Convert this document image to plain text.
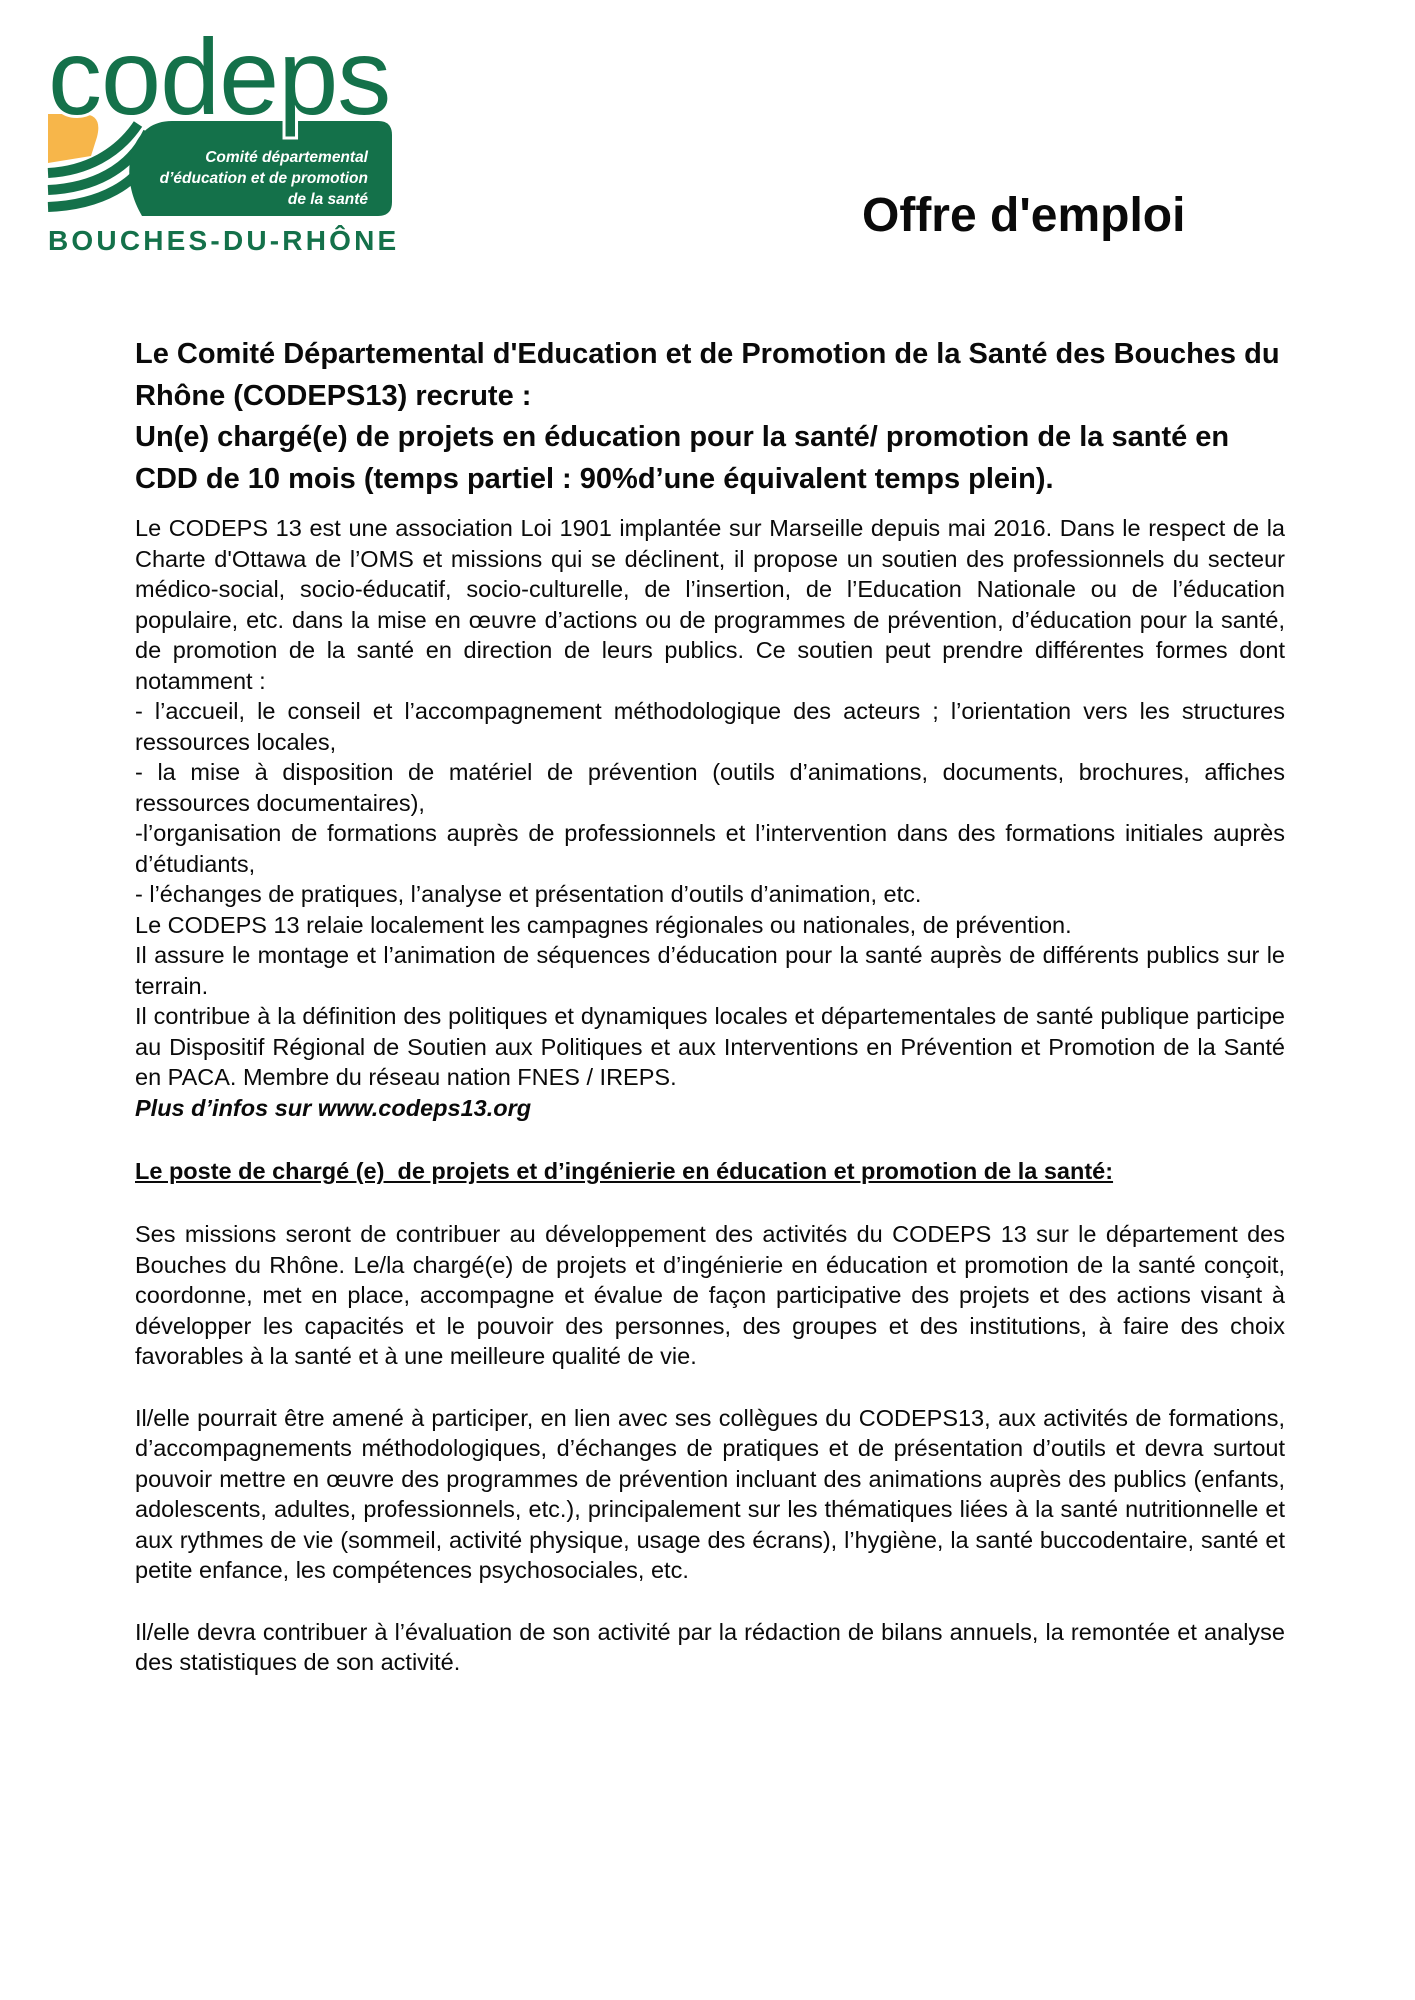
Comité départemental
d’éducation et de promotion
de la santé
codeps
BOUCHES-DU-RHÔNE	Offre d'emploi

Le Comité Départemental d'Education et de Promotion de la Santé des Bouches du Rhône (CODEPS13) recrute :

Un(e) chargé(e) de projets en éducation pour la santé/ promotion de la santé en CDD de 10 mois (temps partiel : 90%d’une équivalent temps plein).

Le CODEPS 13 est une association Loi 1901 implantée sur Marseille depuis mai 2016. Dans le respect de la Charte d'Ottawa de l’OMS et missions qui se déclinent, il propose un soutien des professionnels du secteur médico-social, socio-éducatif, socio-culturelle, de l’insertion, de l’Education Nationale ou de l’éducation populaire, etc. dans la mise en œuvre d’actions ou de programmes de prévention, d’éducation pour la santé, de promotion de la santé en direction de leurs publics. Ce soutien peut prendre différentes formes dont notamment :

- l’accueil, le conseil et l’accompagnement méthodologique des acteurs ; l’orientation vers les structures ressources locales,

- la mise à disposition de matériel de prévention (outils d’animations, documents, brochures, affiches ressources documentaires),

-l’organisation de formations auprès de professionnels et l’intervention dans des formations initiales auprès d’étudiants,

- l’échanges de pratiques, l’analyse et présentation d’outils d’animation, etc.

Le CODEPS 13 relaie localement les campagnes régionales ou nationales, de prévention.

Il assure le montage et l’animation de séquences d’éducation pour la santé auprès de différents publics sur le terrain.

Il contribue à la définition des politiques et dynamiques locales et départementales de santé publique participe au Dispositif Régional de Soutien aux Politiques et aux Interventions en Prévention et Promotion de la Santé en PACA. Membre du réseau nation FNES / IREPS.

Plus d’infos sur www.codeps13.org

Le poste de chargé (e)  de projets et d’ingénierie en éducation et promotion de la santé:

Ses missions seront de contribuer au développement des activités du CODEPS 13 sur le département des Bouches du Rhône. Le/la chargé(e) de projets et d’ingénierie en éducation et promotion de la santé conçoit, coordonne, met en place, accompagne et évalue de façon participative des projets et des actions visant à développer les capacités et le pouvoir des personnes, des groupes et des institutions, à faire des choix favorables à la santé et à une meilleure qualité de vie.

Il/elle pourrait être amené à participer, en lien avec ses collègues du CODEPS13, aux activités de formations, d’accompagnements méthodologiques, d’échanges de pratiques et de présentation d’outils et devra surtout pouvoir mettre en œuvre des programmes de prévention incluant des animations auprès des publics (enfants, adolescents, adultes, professionnels, etc.), principalement sur les thématiques liées à la santé nutritionnelle et aux rythmes de vie (sommeil, activité physique, usage des écrans), l’hygiène, la santé buccodentaire, santé et petite enfance, les compétences psychosociales, etc.

Il/elle devra contribuer à l’évaluation de son activité par la rédaction de bilans annuels, la remontée et analyse des statistiques de son activité.
